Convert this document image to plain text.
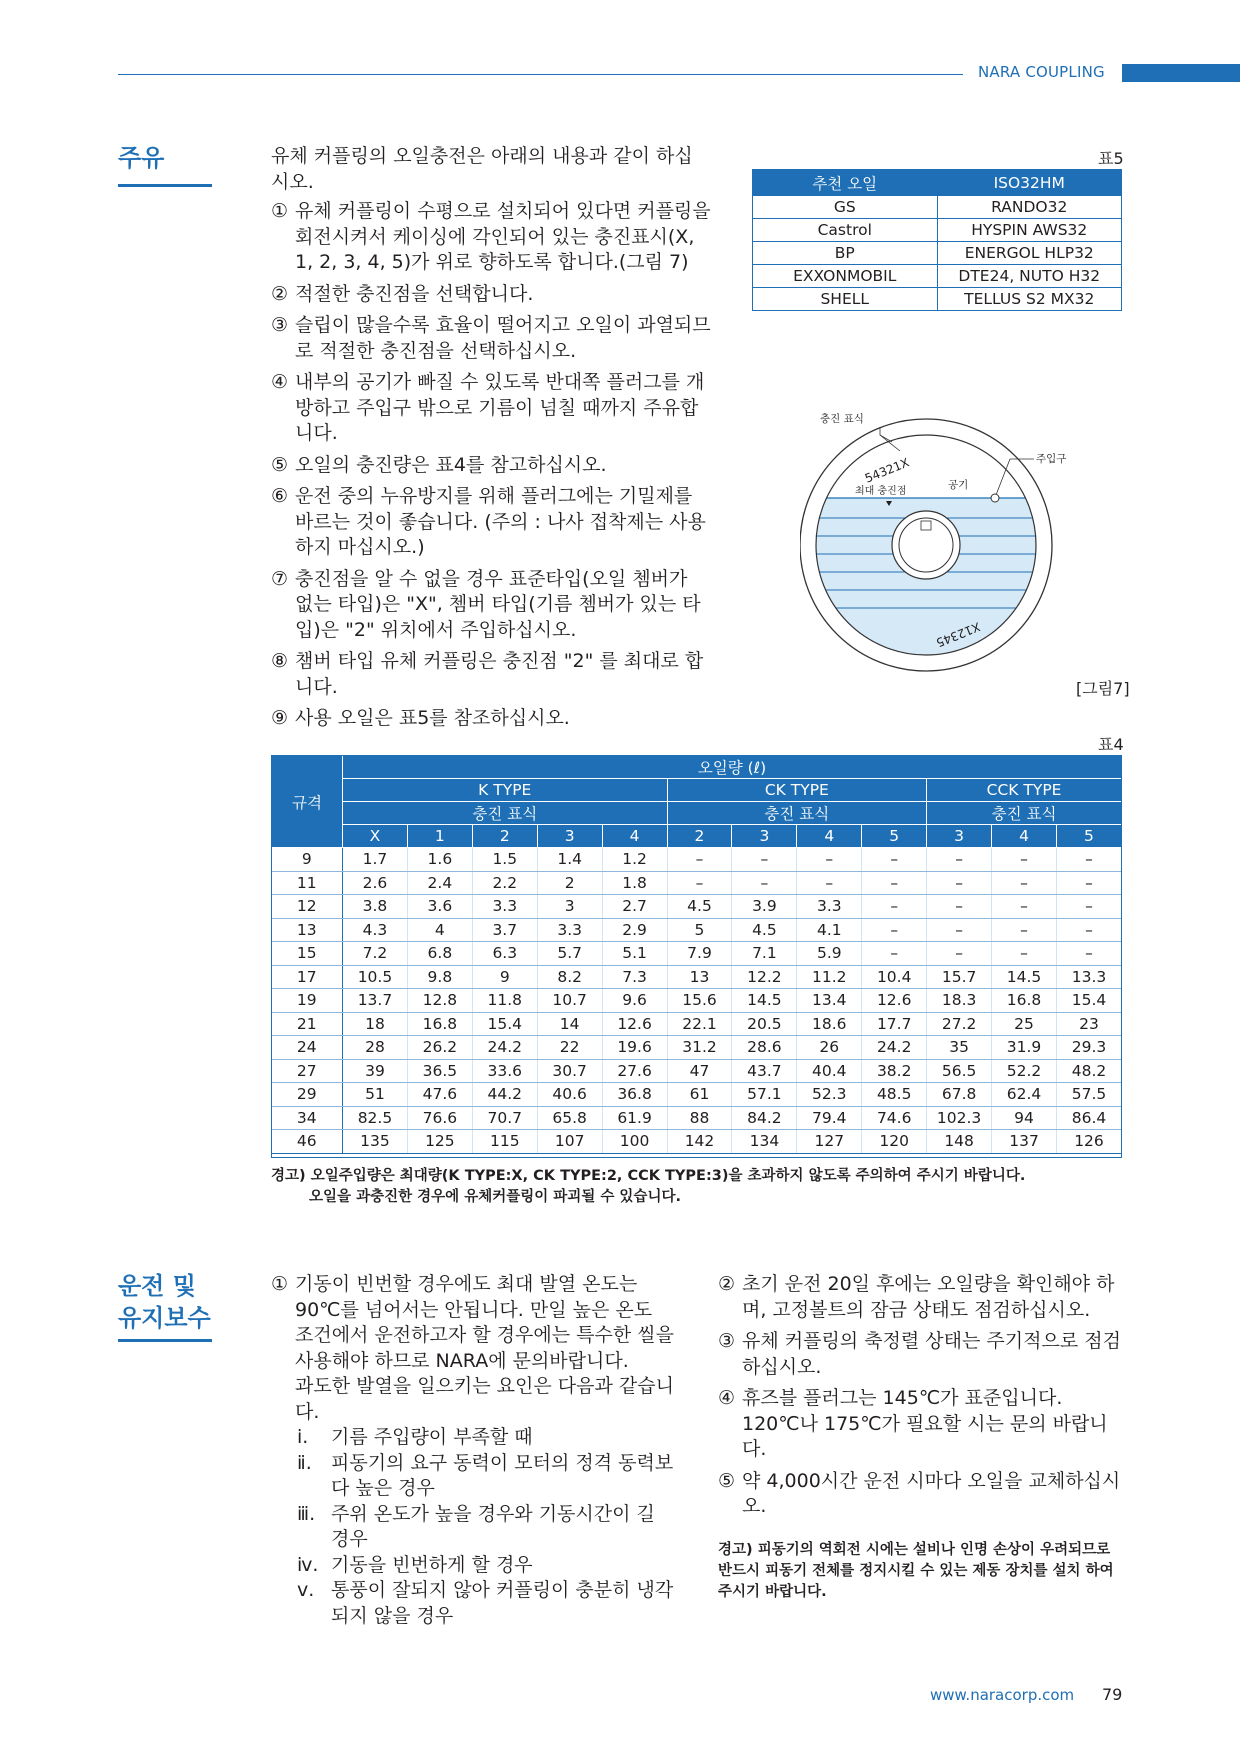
NARA COUPLING
주유	유체 커플링의 오일충전은 아래의 내용과 같이 하십시오.

① 유체 커플링이 수평으로 설치되어 있다면 커플링을 회전시켜서 케이싱에 각인되어 있는 충진표시(X, 1, 2, 3, 4, 5)가 위로 향하도록 합니다.(그림 7)
② 적절한 충진점을 선택합니다.
③ 슬립이 많을수록 효율이 떨어지고 오일이 과열되므로 적절한 충진점을 선택하십시오.
④ 내부의 공기가 빠질 수 있도록 반대쪽 플러그를 개방하고 주입구 밖으로 기름이 넘칠 때까지 주유합니다.
⑤ 오일의 충진량은 표4를 참고하십시오.
⑥ 운전 중의 누유방지를 위해 플러그에는 기밀제를 바르는 것이 좋습니다. (주의 : 나사 접착제는 사용하지 마십시오.)
⑦ 충진점을 알 수 없을 경우 표준타입(오일 쳄버가 없는 타입)은 "X", 쳄버 타입(기름 쳄버가 있는 타입)은 "2" 위치에서 주입하십시오.
⑧ 챔버 타입 유체 커플링은 충진점 "2" 를 최대로 합니다.
⑨ 사용 오일은 표5를 참조하십시오.
표5
추천 오일	ISO32HM
GS	RANDO32
Castrol	HYSPIN AWS32
BP	ENERGOL HLP32
EXXONMOBIL	DTE24, NUTO H32
SHELL	TELLUS S2 MX32
54321X
X12345
충진 표식
최대 충진점
공기
주입구
[그림7]
표4
규격	오일량 (ℓ)											
	K TYPE					CK TYPE				CCK TYPE		
	충진 표식					충진 표식				충진 표식		
	X	1	2	3	4	2	3	4	5	3	4	5
9	1.7	1.6	1.5	1.4	1.2	–	–	–	–	–	–	–
11	2.6	2.4	2.2	2	1.8	–	–	–	–	–	–	–
12	3.8	3.6	3.3	3	2.7	4.5	3.9	3.3	–	–	–	–
13	4.3	4	3.7	3.3	2.9	5	4.5	4.1	–	–	–	–
15	7.2	6.8	6.3	5.7	5.1	7.9	7.1	5.9	–	–	–	–
17	10.5	9.8	9	8.2	7.3	13	12.2	11.2	10.4	15.7	14.5	13.3
19	13.7	12.8	11.8	10.7	9.6	15.6	14.5	13.4	12.6	18.3	16.8	15.4
21	18	16.8	15.4	14	12.6	22.1	20.5	18.6	17.7	27.2	25	23
24	28	26.2	24.2	22	19.6	31.2	28.6	26	24.2	35	31.9	29.3
27	39	36.5	33.6	30.7	27.6	47	43.7	40.4	38.2	56.5	52.2	48.2
29	51	47.6	44.2	40.6	36.8	61	57.1	52.3	48.5	67.8	62.4	57.5
34	82.5	76.6	70.7	65.8	61.9	88	84.2	79.4	74.6	102.3	94	86.4
46	135	125	115	107	100	142	134	127	120	148	137	126
경고) 오일주입량은 최대량(K TYPE:X, CK TYPE:2, CCK TYPE:3)을 초과하지 않도록 주의하여 주시기 바랍니다.
오일을 과충진한 경우에 유체커플링이 파괴될 수 있습니다.
운전 및
유지보수
① 기동이 빈번할 경우에도 최대 발열 온도는 90℃를 넘어서는 안됩니다. 만일 높은 온도 조건에서 운전하고자 할 경우에는 특수한 씰을 사용해야 하므로 NARA에 문의바랍니다.
과도한 발열을 일으키는 요인은 다음과 같습니다.
ⅰ.	기름 주입량이 부족할 때
ⅱ.	피동기의 요구 동력이 모터의 정격 동력보다 높은 경우
ⅲ. 주위 온도가 높을 경우와 기동시간이 길 경우
ⅳ. 기동을 빈번하게 할 경우
ⅴ. 통풍이 잘되지 않아 커플링이 충분히 냉각되지 않을 경우
② 초기 운전 20일 후에는 오일량을 확인해야 하며, 고정볼트의 잠금 상태도 점검하십시오.
③ 유체 커플링의 축정렬 상태는 주기적으로 점검하십시오.
④ 휴즈블 플러그는 145℃가 표준입니다. 120℃나 175℃가 필요할 시는 문의 바랍니다.
⑤ 약 4,000시간 운전 시마다 오일을 교체하십시오.
경고) 피동기의 역회전 시에는 설비나 인명 손상이 우려되므로 반드시 피동기 전체를 정지시킬 수 있는 제동 장치를 설치 하여 주시기 바랍니다.
www.naracorp.com 79
